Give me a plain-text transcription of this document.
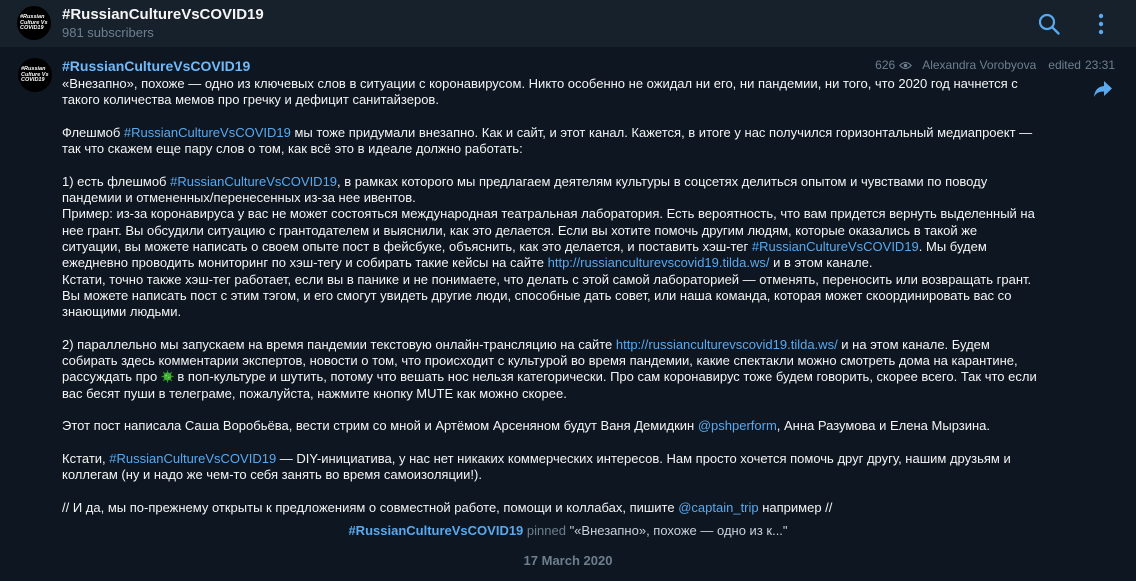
#Russian Culture Vs COVID19
#RussianCultureVsCOVID19
981 subscribers
#Russian Culture Vs COVID19
#RussianCultureVsCOVID19	626 Alexandra Vorobyova edited 23:31

«Внезапно», похоже — одно из ключевых слов в ситуации с коронавирусом. Никто особенно не ожидал ни его, ни пандемии, ни того, что 2020 год начнется с такого количества мемов про гречку и дефицит санитайзеров.

Флешмоб #RussianCultureVsCOVID19 мы тоже придумали внезапно. Как и сайт, и этот канал. Кажется, в итоге у нас получился горизонтальный медиапроект — так что скажем еще пару слов о том, как всё это в идеале должно работать:

1) есть флешмоб #RussianCultureVsCOVID19, в рамках которого мы предлагаем деятелям культуры в соцсетях делиться опытом и чувствами по поводу пандемии и отмененных/перенесенных из-за нее ивентов.
Пример: из-за коронавируса у вас не может состояться международная театральная лаборатория. Есть вероятность, что вам придется вернуть выделенный на нее грант. Вы обсудили ситуацию с грантодателем и выяснили, как это делается. Если вы хотите помочь другим людям, которые оказались в такой же ситуации, вы можете написать о своем опыте пост в фейсбуке, объяснить, как это делается, и поставить хэш-тег #RussianCultureVsCOVID19. Мы будем ежедневно проводить мониторинг по хэш-тегу и собирать такие кейсы на сайте http://russianculturevscovid19.tilda.ws/ и в этом канале.
Кстати, точно также хэш-тег работает, если вы в панике и не понимаете, что делать с этой самой лабораторией — отменять, переносить или возвращать грант. Вы можете написать пост с этим тэгом, и его смогут увидеть другие люди, способные дать совет, или наша команда, которая может скоординировать вас со знающими людьми.

2) параллельно мы запускаем на время пандемии текстовую онлайн-трансляцию на сайте http://russianculturevscovid19.tilda.ws/ и на этом канале. Будем собирать здесь комментарии экспертов, новости о том, что происходит с культурой во время пандемии, какие спектакли можно смотреть дома на карантине, рассуждать про  в поп-культуре и шутить, потому что вешать нос нельзя категорически. Про сам коронавирус тоже будем говорить, скорее всего. Так что если вас бесят пуши в телеграме, пожалуйста, нажмите кнопку MUTE как можно скорее.

Этот пост написала Саша Воробьёва, вести стрим со мной и Артёмом Арсеняном будут Ваня Демидкин @pshperform, Анна Разумова и Елена Мырзина.

Кстати, #RussianCultureVsCOVID19 — DIY-инициатива, у нас нет никаких коммерческих интересов. Нам просто хочется помочь друг другу, нашим друзьям и коллегам (ну и надо же чем-то себя занять во время самоизоляции!).

// И да, мы по-прежнему открыты к предложениям о совместной работе, помощи и коллабах, пишите @captain_trip например //

#RussianCultureVsCOVID19 pinned "«Внезапно», похоже — одно из к..."
17 March 2020
